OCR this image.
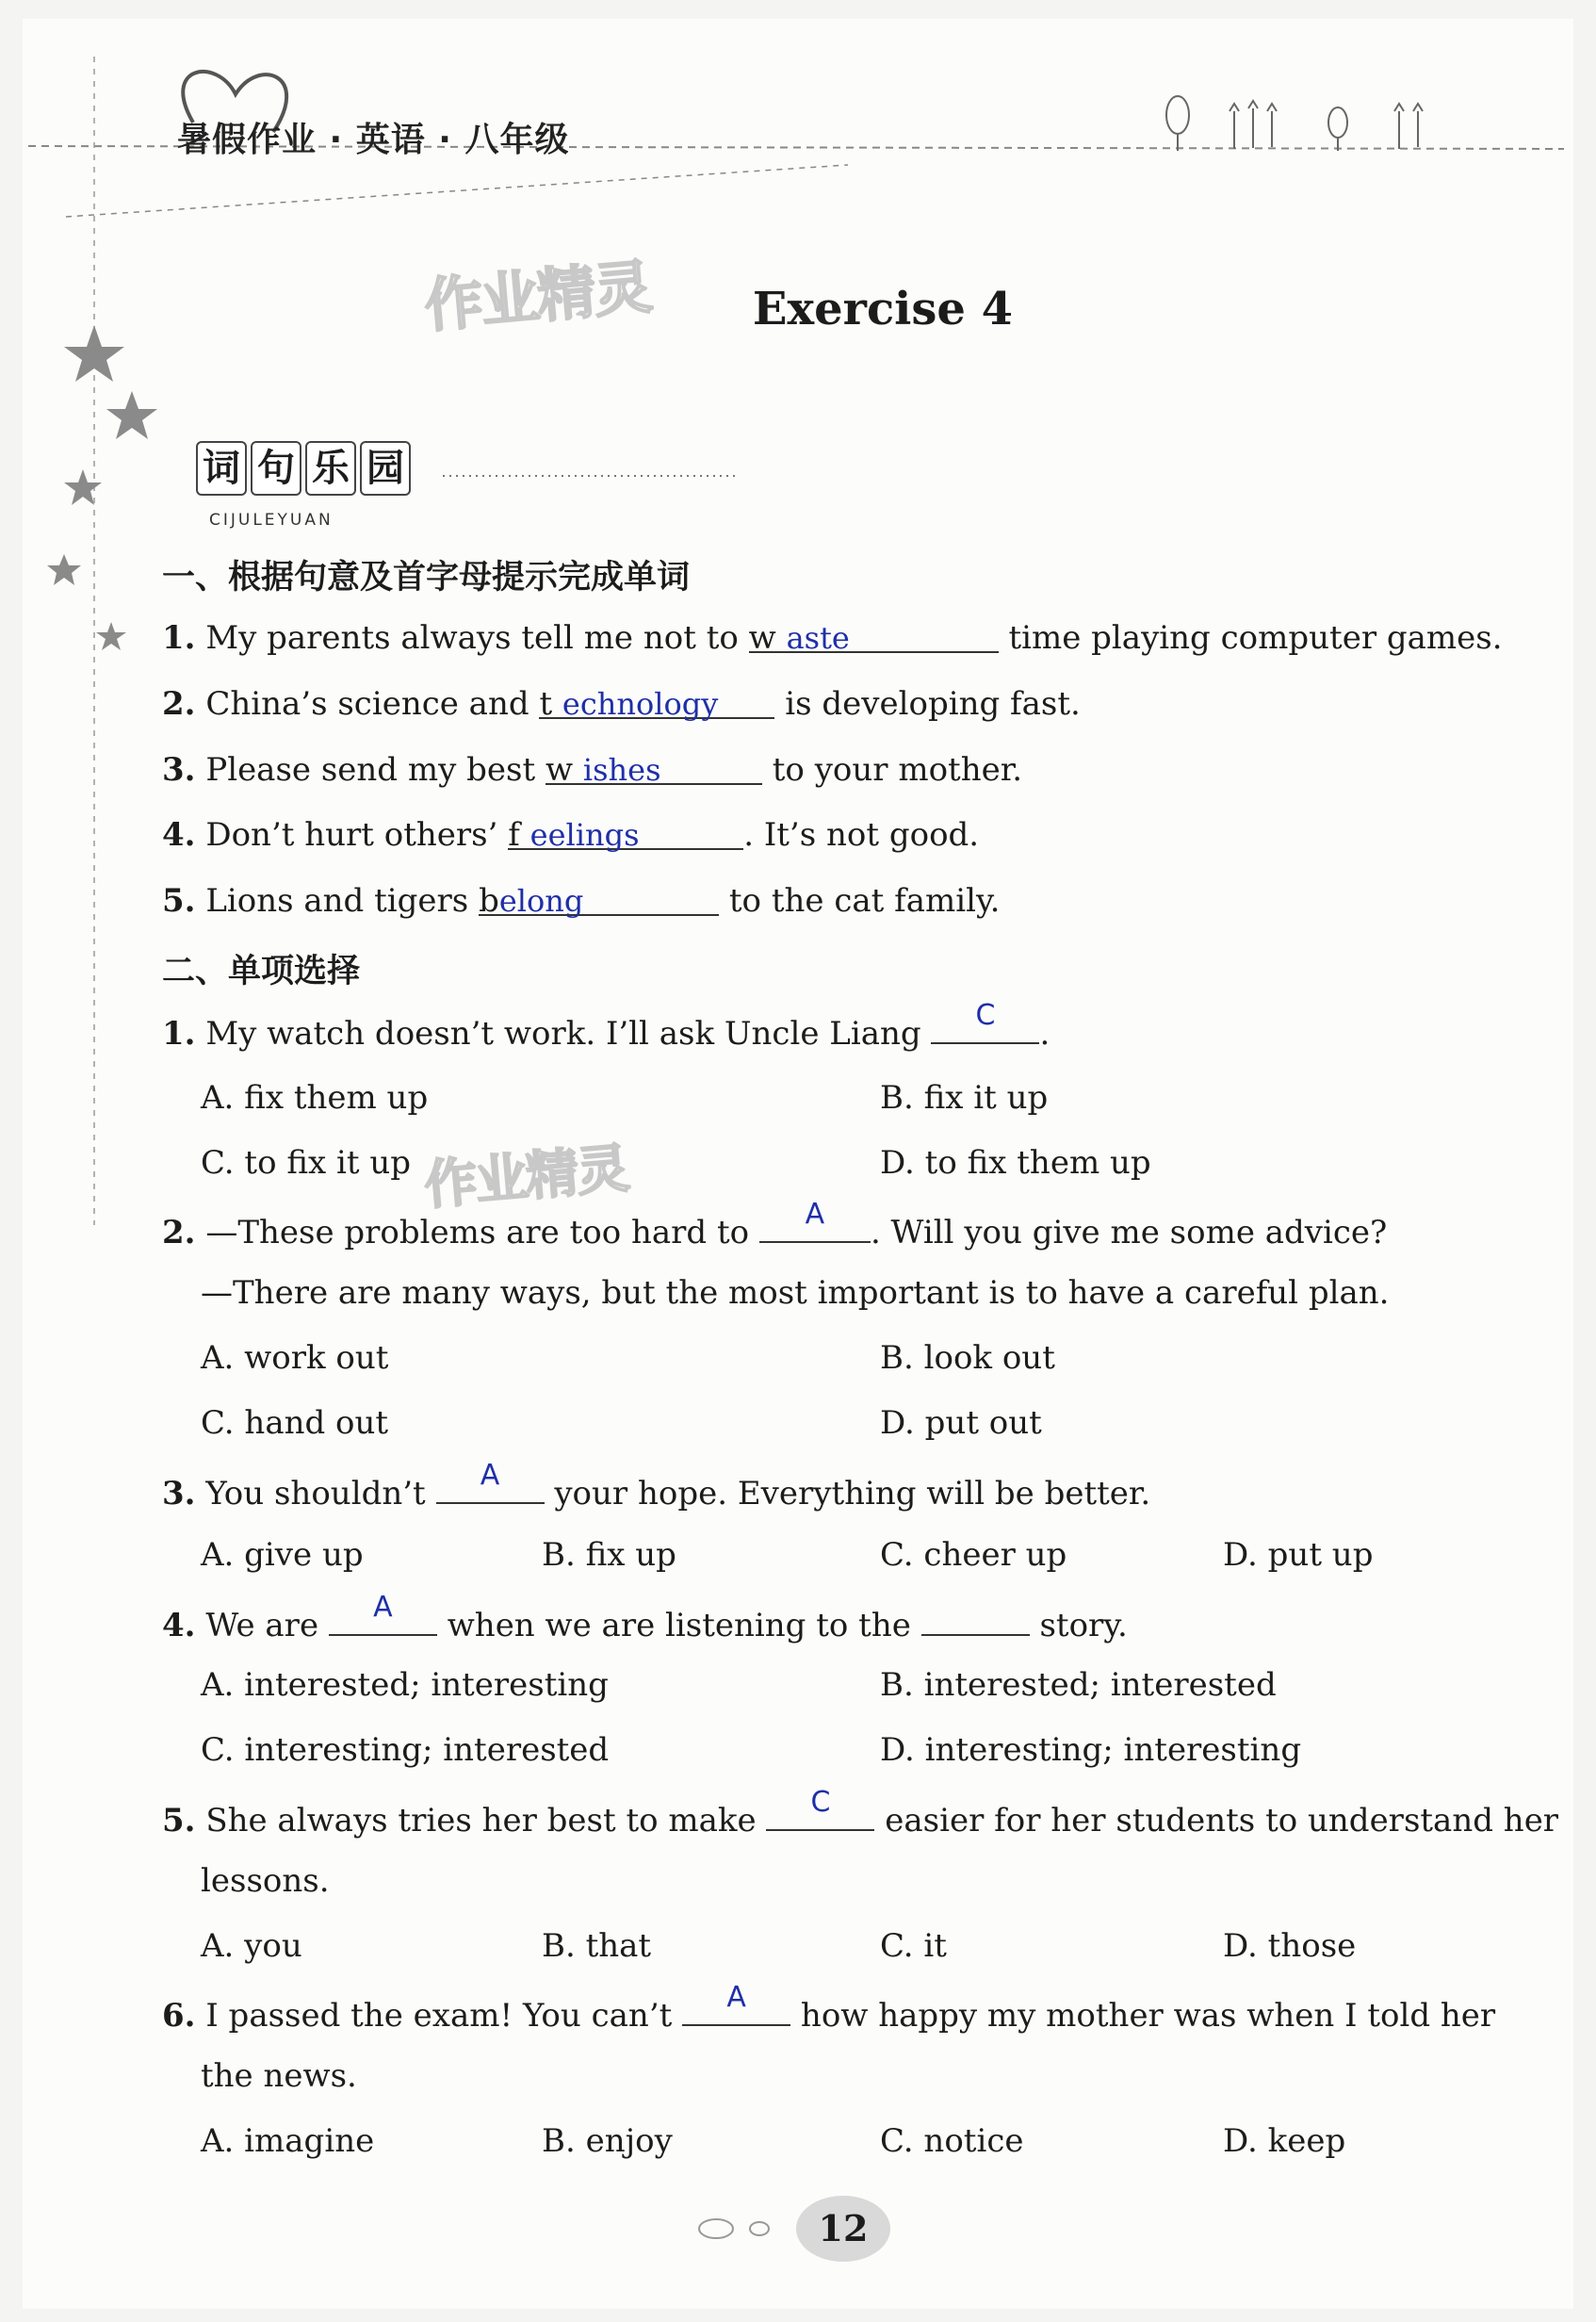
暑假作业 · 英语 · 八年级
作业精灵	Exercise 4
词 句 乐 园
CIJULEYUAN
一、根据句意及首字母提示完成单词
1. My parents always tell me not to w aste	time playing computer games.
2. China’s science and t echnology is developing fast.
3. Please send my best w ishes	to your mother.
4. Don’t hurt others’ f eelings	. It’s not good.
5. Lions and tigers belong	to the cat family.
二、单项选择
1. My watch doesn’t work. I’ll ask Uncle Liang C .
A. fix them up	B. fix it up
C. to fix it up	D. to fix them up
作业精灵
2. —These problems are too hard to A . Will you give me some advice?
—There are many ways, but the most important is to have a careful plan.
A. work out	B. look out
C. hand out	D. put out
3. You shouldn’t A your hope. Everything will be better.
A. give up	B. fix up	C. cheer up	D. put up
4. We are A when we are listening to the	story.
A. interested; interesting	B. interested; interested
C. interesting; interested	D. interesting; interesting
5. She always tries her best to make C easier for her students to understand her
lessons.
A. you	B. that	C. it	D. those
6. I passed the exam! You can’t A how happy my mother was when I told her
the news.
A. imagine	B. enjoy	C. notice	D. keep
12
